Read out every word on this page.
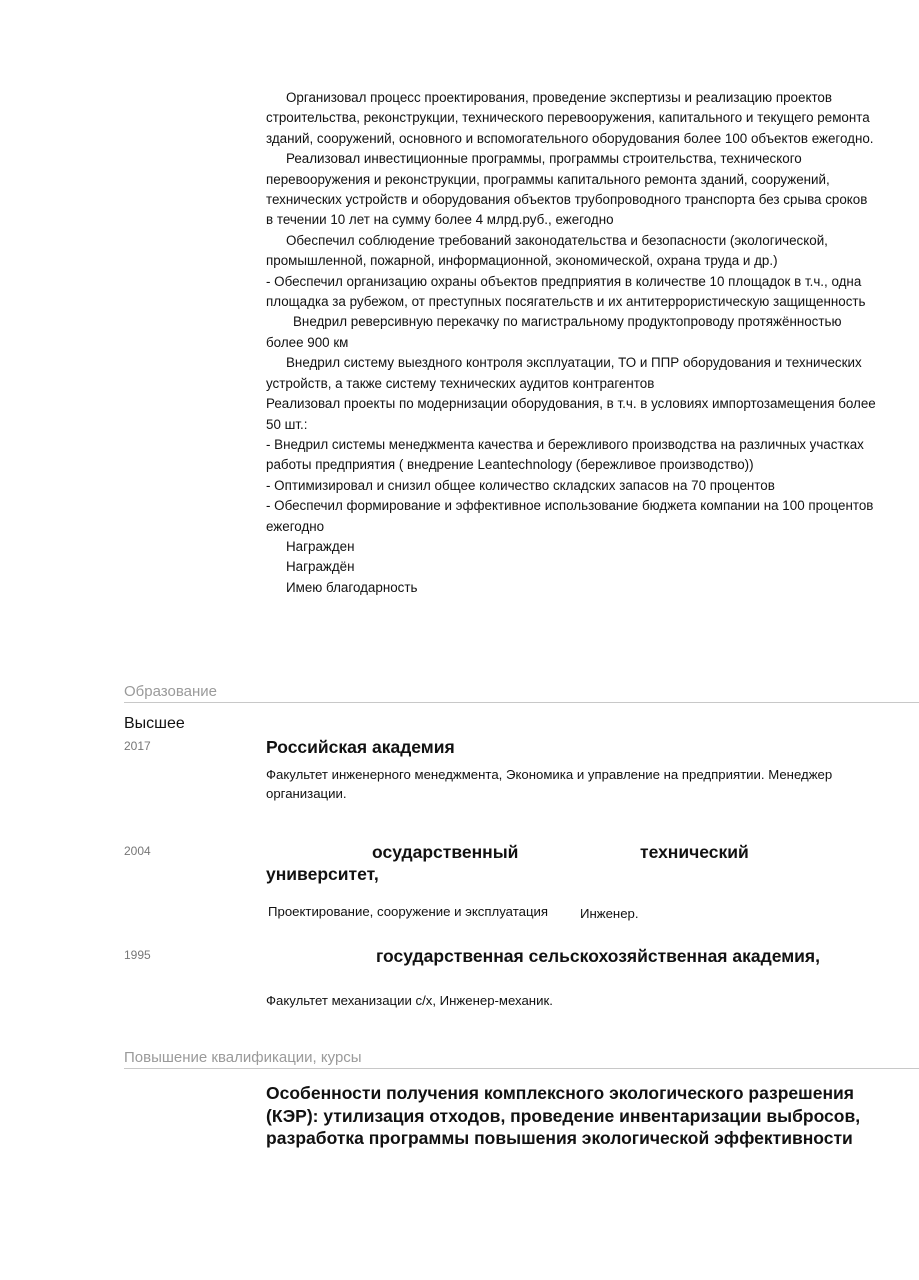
Организовал процесс проектирования, проведение экспертизы и реализацию проектов строительства, реконструкции, технического перевооружения, капитального и текущего ремонта зданий, сооружений, основного и вспомогательного оборудования более 100 объектов ежегодно.

Реализовал инвестиционные программы, программы строительства, технического перевооружения и реконструкции, программы капитального ремонта зданий, сооружений, технических устройств и оборудования объектов трубопроводного транспорта без срыва сроков в течении 10 лет на сумму более 4 млрд.руб., ежегодно

Обеспечил соблюдение требований законодательства и безопасности (экологической, промышленной, пожарной, информационной, экономической, охрана труда и др.)

- Обеспечил организацию охраны объектов предприятия в количестве 10 площадок в т.ч., одна площадка за рубежом, от преступных посягательств и их антитеррористическую защищенность

Внедрил реверсивную перекачку по магистральному продуктопроводу протяжённостью более 900 км

Внедрил систему выездного контроля эксплуатации, ТО и ППР оборудования и технических устройств, а также систему технических аудитов контрагентов

Реализовал проекты по модернизации оборудования, в т.ч. в условиях импортозамещения более 50 шт.:

- Внедрил системы менеджмента качества и бережливого производства на различных участках работы предприятия ( внедрение Leantechnology (бережливое производство))

- Оптимизировал и снизил общее количество складских запасов на 70 процентов

- Обеспечил формирование и эффективное использование бюджета компании на 100 процентов ежегодно

Награжден

Награждён

Имею благодарность

Образование
Высшее
2017	Российская академия
Факультет инженерного менеджмента, Экономика и управление на предприятии. Менеджер организации.
2004	осударственный	технический
университет,
Проектирование, сооружение и эксплуатация Инженер.
1995	государственная сельскохозяйственная академия,
Факультет механизации с/х, Инженер-механик.
Повышение квалификации, курсы
Особенности получения комплексного экологического разрешения (КЭР): утилизация отходов, проведение инвентаризации выбросов, разработка программы повышения экологической эффективности
